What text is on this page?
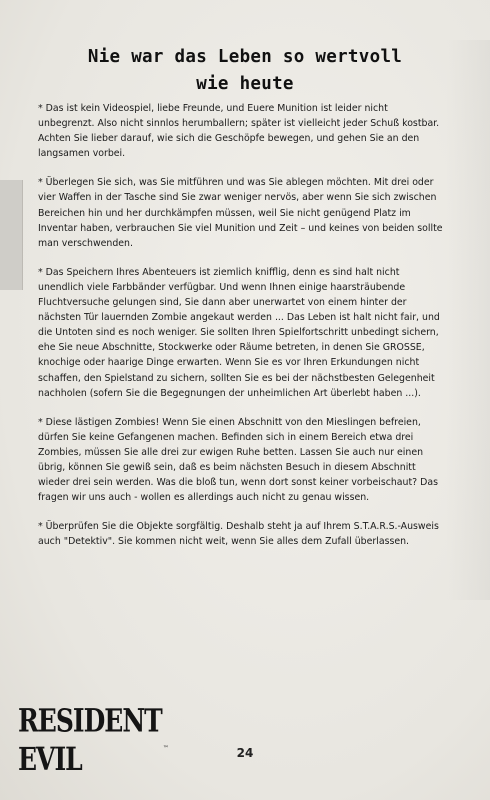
Nie war das Leben so wertvoll
wie heute

* Das ist kein Videospiel, liebe Freunde, und Euere Munition ist leider nicht unbegrenzt. Also nicht sinnlos herumballern; später ist vielleicht jeder Schuß kostbar. Achten Sie lieber darauf, wie sich die Geschöpfe bewegen, und gehen Sie an den langsamen vorbei.

* Überlegen Sie sich, was Sie mitführen und was Sie ablegen möchten. Mit drei oder vier Waffen in der Tasche sind Sie zwar weniger nervös, aber wenn Sie sich zwischen Bereichen hin und her durchkämpfen müssen, weil Sie nicht genügend Platz im Inventar haben, verbrauchen Sie viel Munition und Zeit – und keines von beiden sollte man verschwenden.

* Das Speichern Ihres Abenteuers ist ziemlich knifflig, denn es sind halt nicht unendlich viele Farbbänder verfügbar. Und wenn Ihnen einige haarsträubende Fluchtversuche gelungen sind, Sie dann aber unerwartet von einem hinter der nächsten Tür lauernden Zombie angekaut werden ... Das Leben ist halt nicht fair, und die Untoten sind es noch weniger. Sie sollten Ihren Spielfortschritt unbedingt sichern, ehe Sie neue Abschnitte, Stockwerke oder Räume betreten, in denen Sie GROSSE, knochige oder haarige Dinge erwarten. Wenn Sie es vor Ihren Erkundungen nicht schaffen, den Spielstand zu sichern, sollten Sie es bei der nächstbesten Gelegenheit nachholen (sofern Sie die Begegnungen der unheimlichen Art überlebt haben ...).

* Diese lästigen Zombies! Wenn Sie einen Abschnitt von den Mieslingen befreien, dürfen Sie keine Gefangenen machen. Befinden sich in einem Bereich etwa drei Zombies, müssen Sie alle drei zur ewigen Ruhe betten. Lassen Sie auch nur einen übrig, können Sie gewiß sein, daß es beim nächsten Besuch in diesem Abschnitt wieder drei sein werden. Was die bloß tun, wenn dort sonst keiner vorbeischaut? Das fragen wir uns auch - wollen es allerdings auch nicht zu genau wissen.

* Überprüfen Sie die Objekte sorgfältig. Deshalb steht ja auf Ihrem S.T.A.R.S.-Ausweis auch "Detektiv". Sie kommen nicht weit, wenn Sie alles dem Zufall überlassen.

RESIDENT EVIL	™	24
